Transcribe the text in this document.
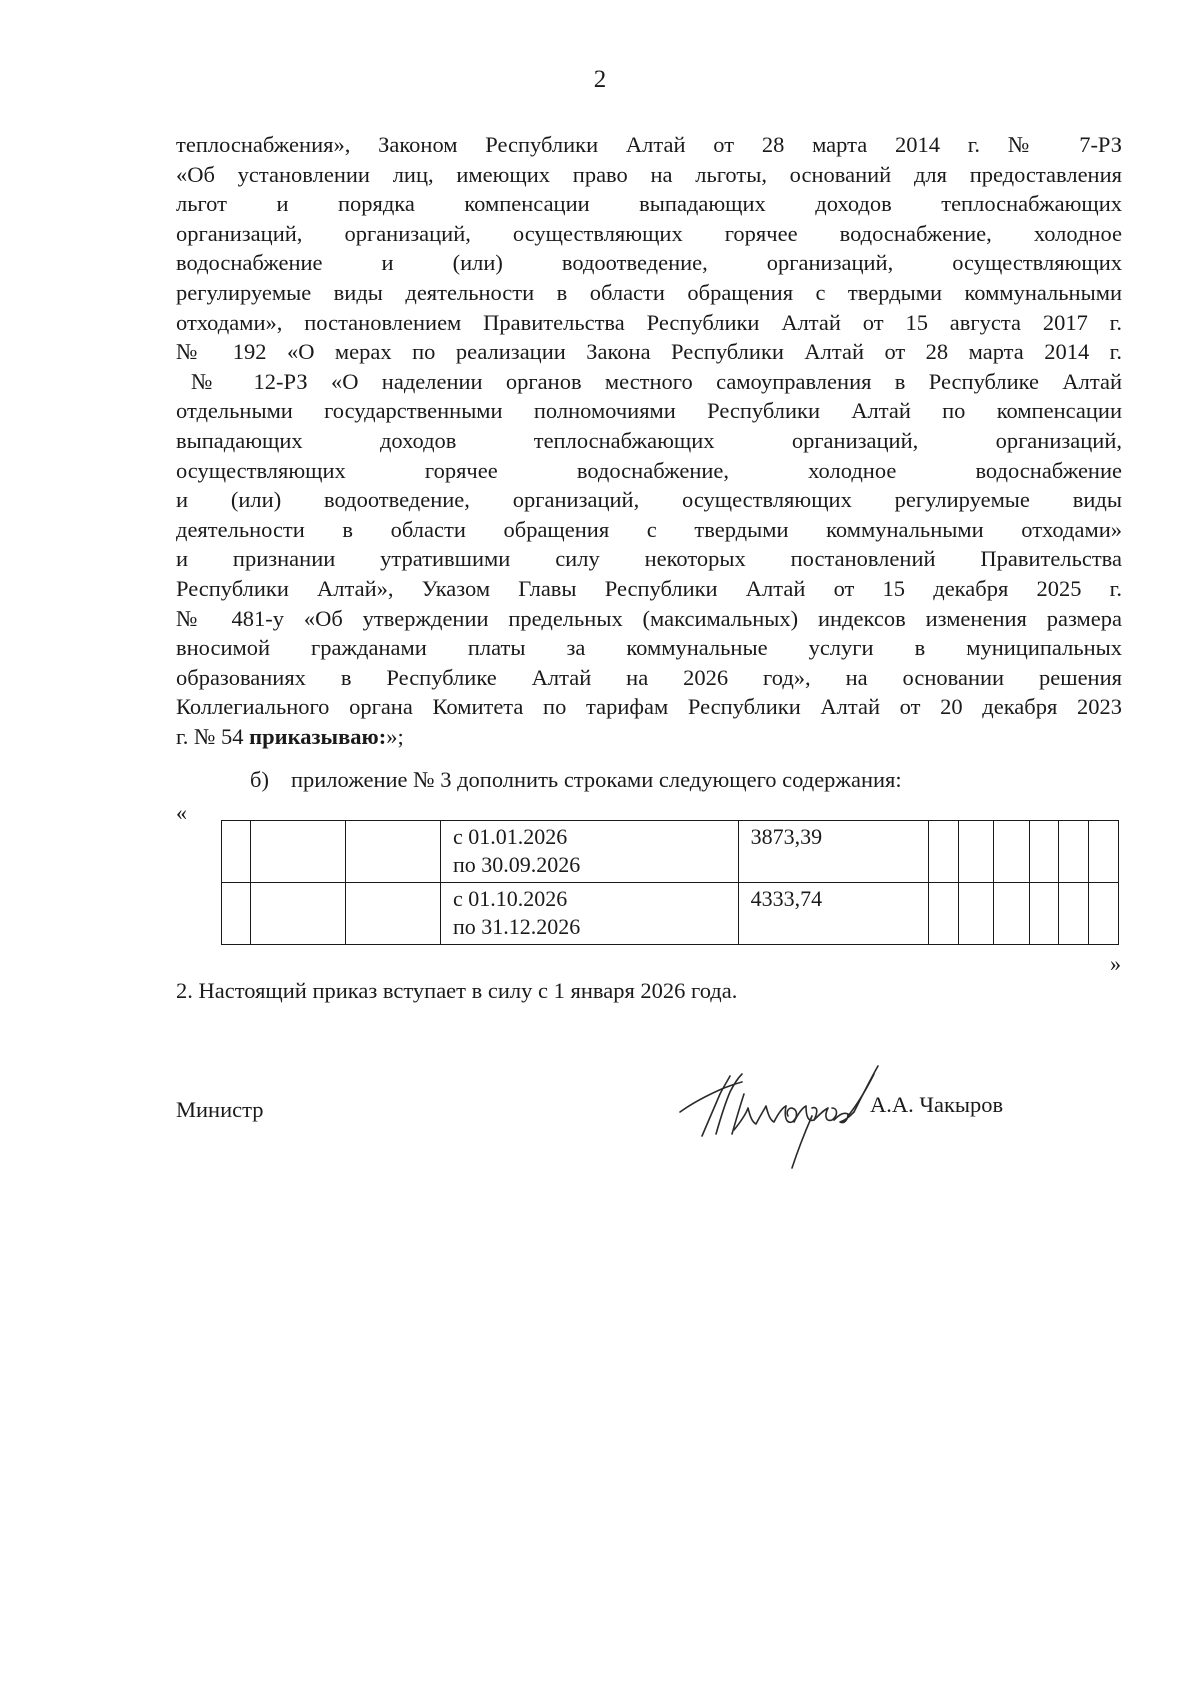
2
теплоснабжения», Законом Республики Алтай от 28 марта 2014 г. № 7-РЗ
«Об установлении лиц, имеющих право на льготы, оснований для предоставления
льгот и порядка компенсации выпадающих доходов теплоснабжающих
организаций, организаций, осуществляющих горячее водоснабжение, холодное
водоснабжение и (или) водоотведение, организаций, осуществляющих
регулируемые виды деятельности в области обращения с твердыми коммунальными
отходами», постановлением Правительства Республики Алтай от 15 августа 2017 г.
№ 192 «О мерах по реализации Закона Республики Алтай от 28 марта 2014 г.
№ 12-РЗ «О наделении органов местного самоуправления в Республике Алтай
отдельными государственными полномочиями Республики Алтай по компенсации
выпадающих доходов теплоснабжающих организаций, организаций,
осуществляющих горячее водоснабжение, холодное водоснабжение
и (или) водоотведение, организаций, осуществляющих регулируемые виды
деятельности в области обращения с твердыми коммунальными отходами»
и признании утратившими силу некоторых постановлений Правительства
Республики Алтай», Указом Главы Республики Алтай от 15 декабря 2025 г.
№ 481-у «Об утверждении предельных (максимальных) индексов изменения размера
вносимой гражданами платы за коммунальные услуги в муниципальных
образованиях в Республике Алтай на 2026 год», на основании решения
Коллегиального органа Комитета по тарифам Республики Алтай от 20 декабря 2023
г. № 54 приказываю:»;
б) приложение № 3 дополнить строками следующего содержания:
«

			с 01.01.2026
по 30.09.2026	3873,39						

			с 01.10.2026
по 31.12.2026	4333,74						
»
2. Настоящий приказ вступает в силу с 1 января 2026 года.
Министр	А.А. Чакыров
